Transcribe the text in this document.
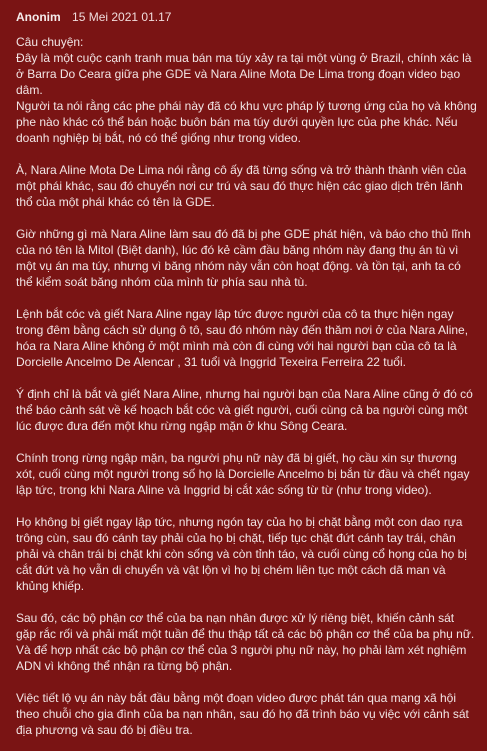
Anonim 15 Mei 2021 01.17

Câu chuyện:
Đây là một cuộc cạnh tranh mua bán ma túy xảy ra tại một vùng ở Brazil, chính xác là ở Barra Do Ceara giữa phe GDE và Nara Aline Mota De Lima trong đoạn video bạo dâm.
Người ta nói rằng các phe phái này đã có khu vực pháp lý tương ứng của họ và không phe nào khác có thể bán hoặc buôn bán ma túy dưới quyền lực của phe khác. Nếu doanh nghiệp bị bắt, nó có thể giống như trong video.

À, Nara Aline Mota De Lima nói rằng cô ấy đã từng sống và trở thành thành viên của một phái khác, sau đó chuyển nơi cư trú và sau đó thực hiện các giao dịch trên lãnh thổ của một phái khác có tên là GDE.

Giờ những gì mà Nara Aline làm sau đó đã bị phe GDE phát hiện, và báo cho thủ lĩnh của nó tên là Mitol (Biệt danh), lúc đó kẻ cầm đầu băng nhóm này đang thụ án tù vì một vụ án ma túy, nhưng vì băng nhóm này vẫn còn hoạt động. và tồn tại, anh ta có thể kiểm soát băng nhóm của mình từ phía sau nhà tù.

Lệnh bắt cóc và giết Nara Aline ngay lập tức được người của cô ta thực hiện ngay trong đêm bằng cách sử dụng ô tô, sau đó nhóm này đến thăm nơi ở của Nara Aline, hóa ra Nara Aline không ở một mình mà còn đi cùng với hai người bạn của cô ta là Dorcielle Ancelmo De Alencar , 31 tuổi và Inggrid Texeira Ferreira 22 tuổi.

Ý định chỉ là bắt và giết Nara Aline, nhưng hai người bạn của Nara Aline cũng ở đó có thể báo cảnh sát về kế hoạch bắt cóc và giết người, cuối cùng cả ba người cùng một lúc được đưa đến một khu rừng ngập mặn ở khu Sông Ceara.

Chính trong rừng ngập mặn, ba người phụ nữ này đã bị giết, họ cầu xin sự thương xót, cuối cùng một người trong số họ là Dorcielle Ancelmo bị bắn từ đầu và chết ngay lập tức, trong khi Nara Aline và Inggrid bị cắt xác sống từ từ (như trong video).

Họ không bị giết ngay lập tức, nhưng ngón tay của họ bị chặt bằng một con dao rựa trông cùn, sau đó cánh tay phải của họ bị chặt, tiếp tục chặt đứt cánh tay trái, chân phải và chân trái bị chặt khi còn sống và còn tỉnh táo, và cuối cùng cổ họng của họ bị cắt đứt và họ vẫn di chuyển và vật lộn vì họ bị chém liên tục một cách dã man và khủng khiếp.

Sau đó, các bộ phận cơ thể của ba nạn nhân được xử lý riêng biệt, khiến cảnh sát gặp rắc rối và phải mất một tuần để thu thập tất cả các bộ phận cơ thể của ba phụ nữ. Và để hợp nhất các bộ phận cơ thể của 3 người phụ nữ này, họ phải làm xét nghiệm ADN vì không thể nhận ra từng bộ phận.

Việc tiết lộ vụ án này bắt đầu bằng một đoạn video được phát tán qua mạng xã hội theo chuỗi cho gia đình của ba nạn nhân, sau đó họ đã trình báo vụ việc với cảnh sát địa phương và sau đó bị điều tra.
